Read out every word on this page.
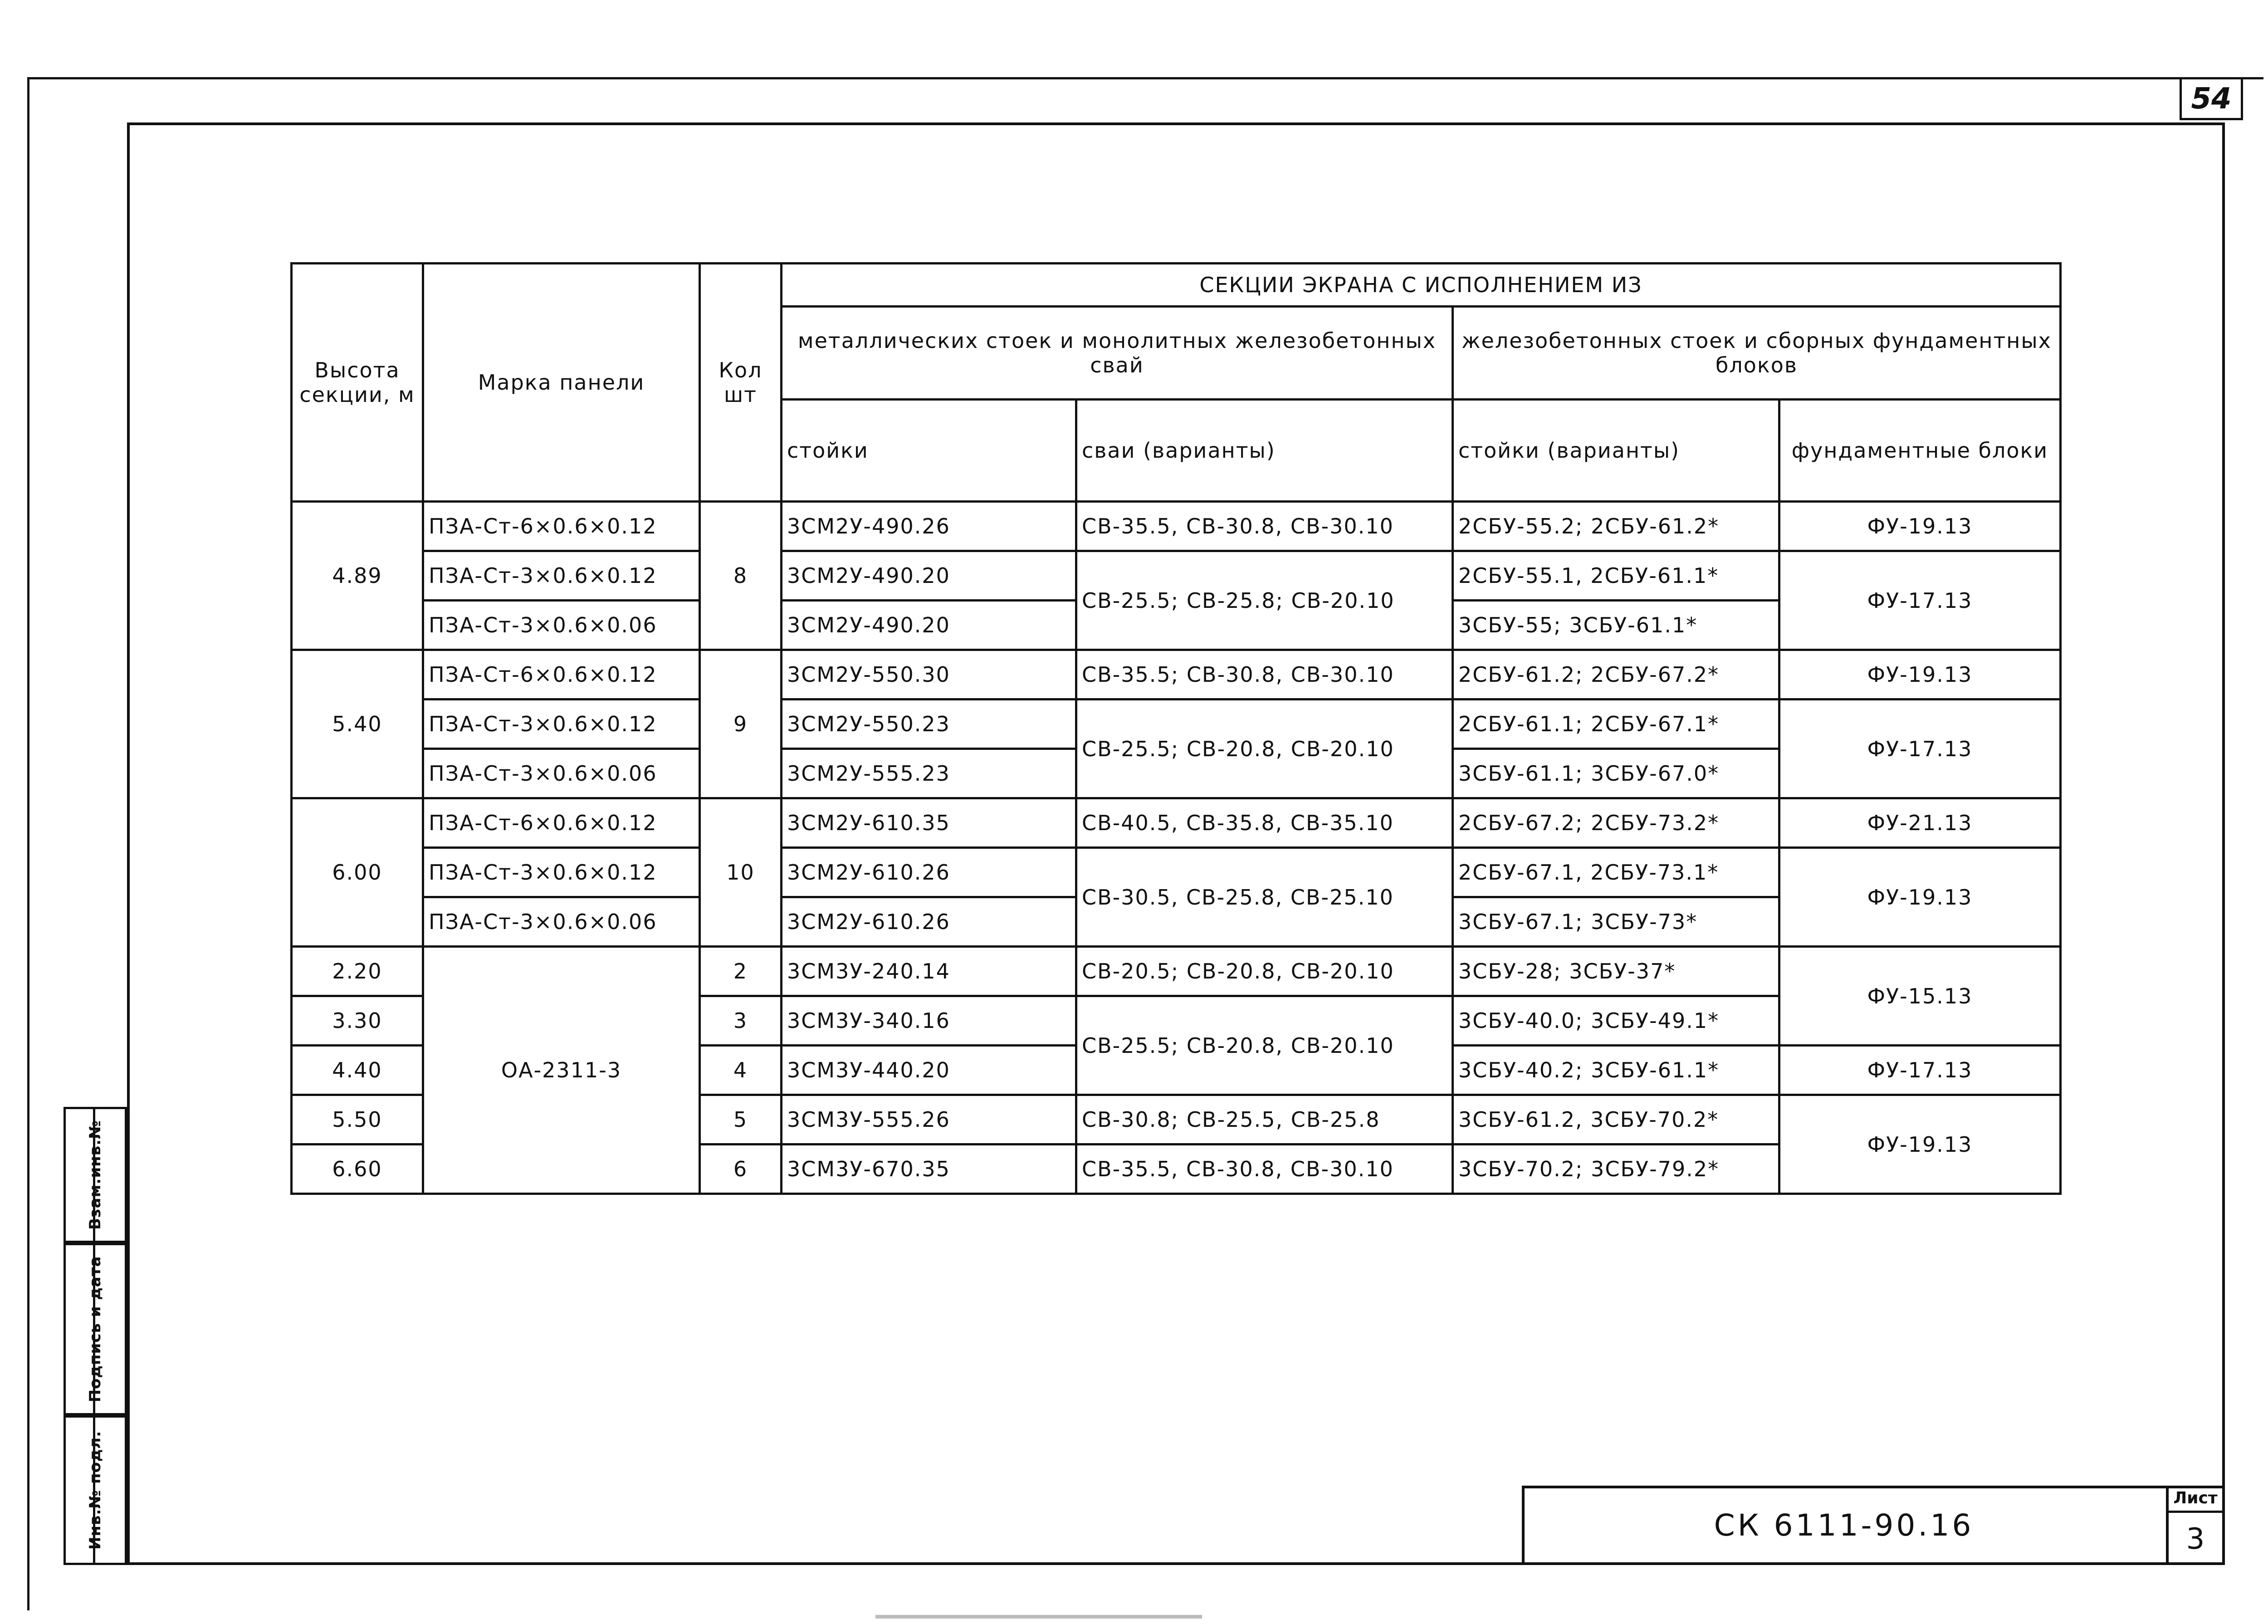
54
Инв.№ подл.
Подпись и дата
Взам.инв.№
Высота секции, м	Марка панели	Кол шт	СЕКЦИИ ЭКРАНА С ИСПОЛНЕНИЕМ ИЗ			
			металлических стоек и монолитных железобетонных свай		железобетонных стоек и сборных фундаментных блоков	
			стойки	сваи (варианты)	стойки (варианты)	фундаментные блоки
4.89	ПЗА-Ст-6×0.6×0.12	8	3СМ2У-490.26	СВ-35.5, СВ-30.8, СВ-30.10	2СБУ-55.2; 2СБУ-61.2*	ФУ-19.13
	ПЗА-Ст-3×0.6×0.12		3СМ2У-490.20	СВ-25.5; СВ-25.8; СВ-20.10	2СБУ-55.1, 2СБУ-61.1*	ФУ-17.13
	ПЗА-Ст-3×0.6×0.06		3СМ2У-490.20		3СБУ-55; 3СБУ-61.1*	
5.40	ПЗА-Ст-6×0.6×0.12	9	3СМ2У-550.30	СВ-35.5; СВ-30.8, СВ-30.10	2СБУ-61.2; 2СБУ-67.2*	ФУ-19.13
	ПЗА-Ст-3×0.6×0.12		3СМ2У-550.23	СВ-25.5; СВ-20.8, СВ-20.10	2СБУ-61.1; 2СБУ-67.1*	ФУ-17.13
	ПЗА-Ст-3×0.6×0.06		3СМ2У-555.23		3СБУ-61.1; 3СБУ-67.0*	
6.00	ПЗА-Ст-6×0.6×0.12	10	3СМ2У-610.35	СВ-40.5, СВ-35.8, СВ-35.10	2СБУ-67.2; 2СБУ-73.2*	ФУ-21.13
	ПЗА-Ст-3×0.6×0.12		3СМ2У-610.26	СВ-30.5, СВ-25.8, СВ-25.10	2СБУ-67.1, 2СБУ-73.1*	ФУ-19.13
	ПЗА-Ст-3×0.6×0.06		3СМ2У-610.26		3СБУ-67.1; 3СБУ-73*	
2.20	ОА-2311-3	2	3СМ3У-240.14	СВ-20.5; СВ-20.8, СВ-20.10	3СБУ-28; 3СБУ-37*	ФУ-15.13
3.30		3	3СМ3У-340.16	СВ-25.5; СВ-20.8, СВ-20.10	3СБУ-40.0; 3СБУ-49.1*	
4.40		4	3СМ3У-440.20		3СБУ-40.2; 3СБУ-61.1*	ФУ-17.13
5.50		5	3СМ3У-555.26	СВ-30.8; СВ-25.5, СВ-25.8	3СБУ-61.2, 3СБУ-70.2*	ФУ-19.13
6.60		6	3СМ3У-670.35	СВ-35.5, СВ-30.8, СВ-30.10	3СБУ-70.2; 3СБУ-79.2*	
СК 6111-90.16
Лист
3
